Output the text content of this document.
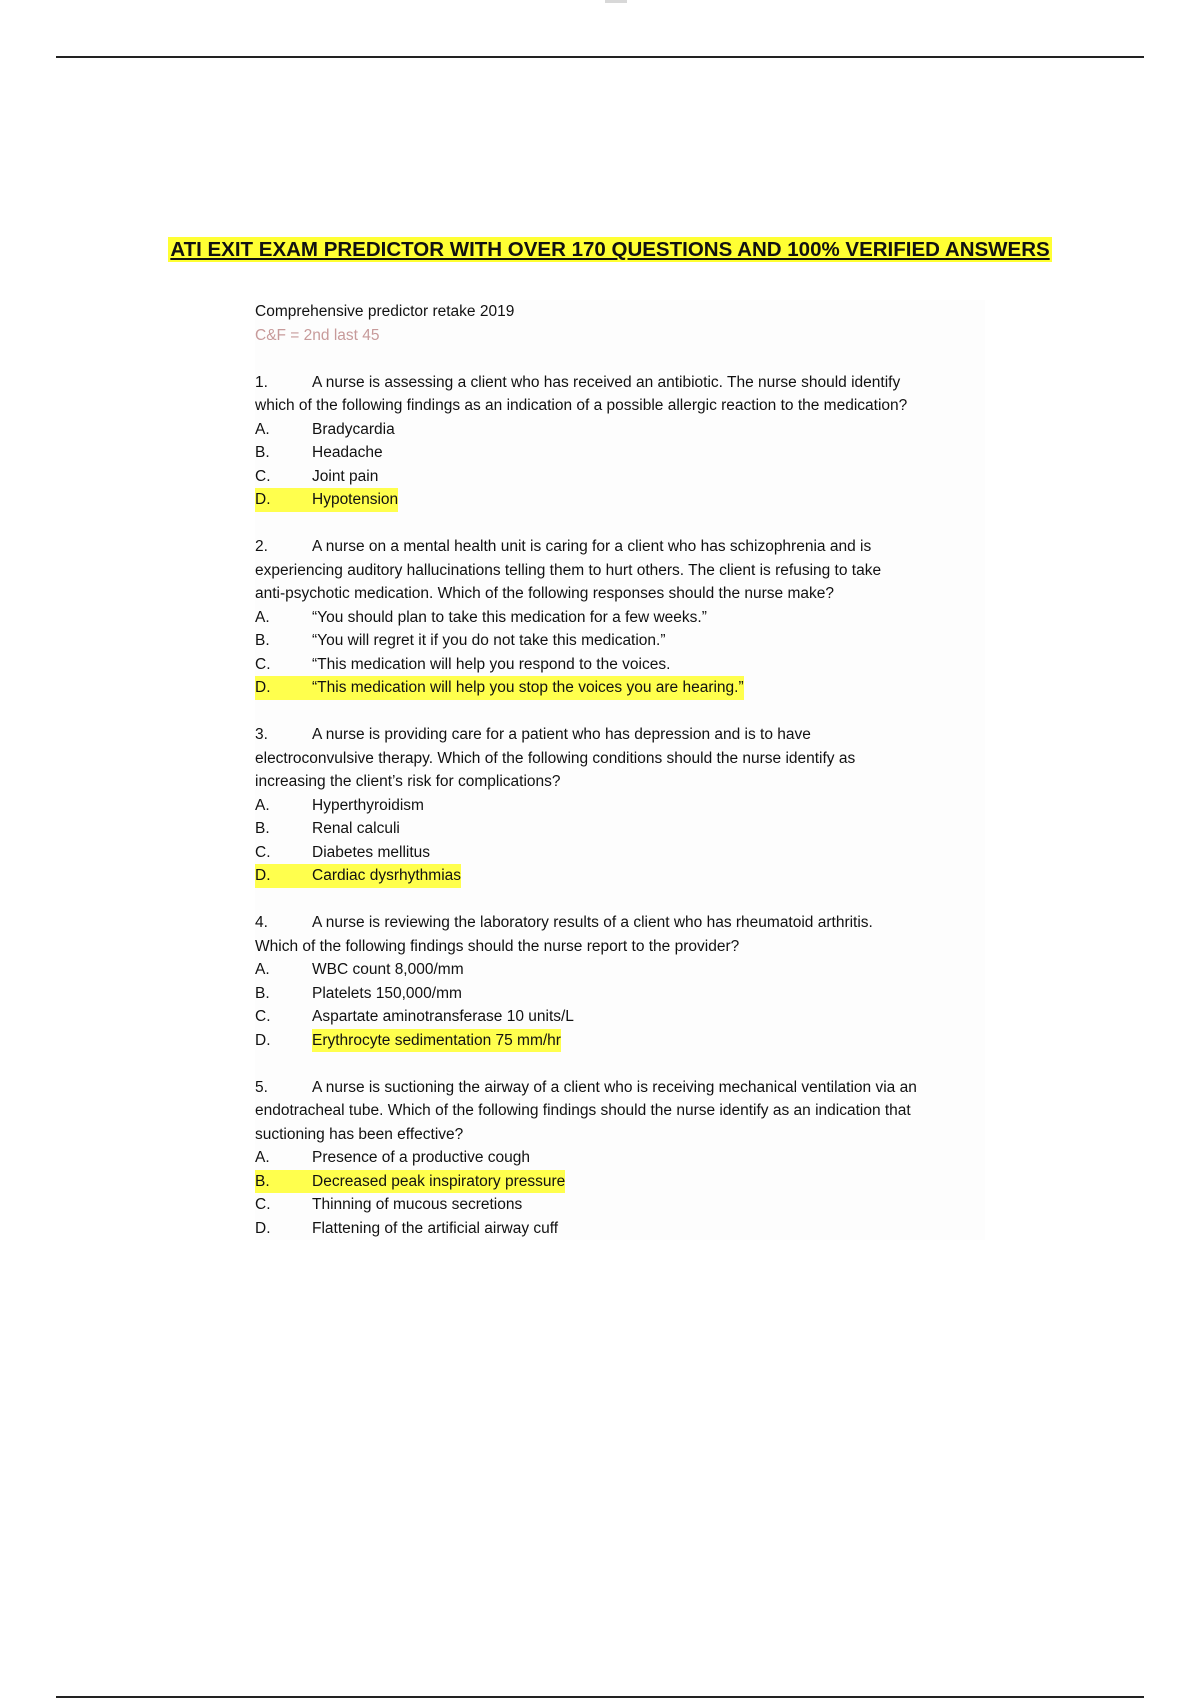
ATI EXIT EXAM PREDICTOR WITH OVER 170 QUESTIONS AND 100% VERIFIED ANSWERS
Comprehensive predictor retake 2019
C&F = 2nd last 45
1.	A nurse is assessing a client who has received an antibiotic. The nurse should identify
which of the following findings as an indication of a possible allergic reaction to the medication?
A.	Bradycardia
B.	Headache
C.	Joint pain
D.	Hypotension
2.	A nurse on a mental health unit is caring for a client who has schizophrenia and is
experiencing auditory hallucinations telling them to hurt others. The client is refusing to take
anti-psychotic medication. Which of the following responses should the nurse make?
A.	“You should plan to take this medication for a few weeks.”
B.	“You will regret it if you do not take this medication.”
C.	“This medication will help you respond to the voices.
D.	“This medication will help you stop the voices you are hearing.”
3.	A nurse is providing care for a patient who has depression and is to have
electroconvulsive therapy. Which of the following conditions should the nurse identify as
increasing the client’s risk for complications?
A.	Hyperthyroidism
B.	Renal calculi
C.	Diabetes mellitus
D.	Cardiac dysrhythmias
4.	A nurse is reviewing the laboratory results of a client who has rheumatoid arthritis.
Which of the following findings should the nurse report to the provider?
A.	WBC count 8,000/mm
B.	Platelets 150,000/mm
C.	Aspartate aminotransferase 10 units/L
D.	Erythrocyte sedimentation 75 mm/hr
5.	A nurse is suctioning the airway of a client who is receiving mechanical ventilation via an
endotracheal tube. Which of the following findings should the nurse identify as an indication that
suctioning has been effective?
A.	Presence of a productive cough
B.	Decreased peak inspiratory pressure
C.	Thinning of mucous secretions
D.	Flattening of the artificial airway cuff
